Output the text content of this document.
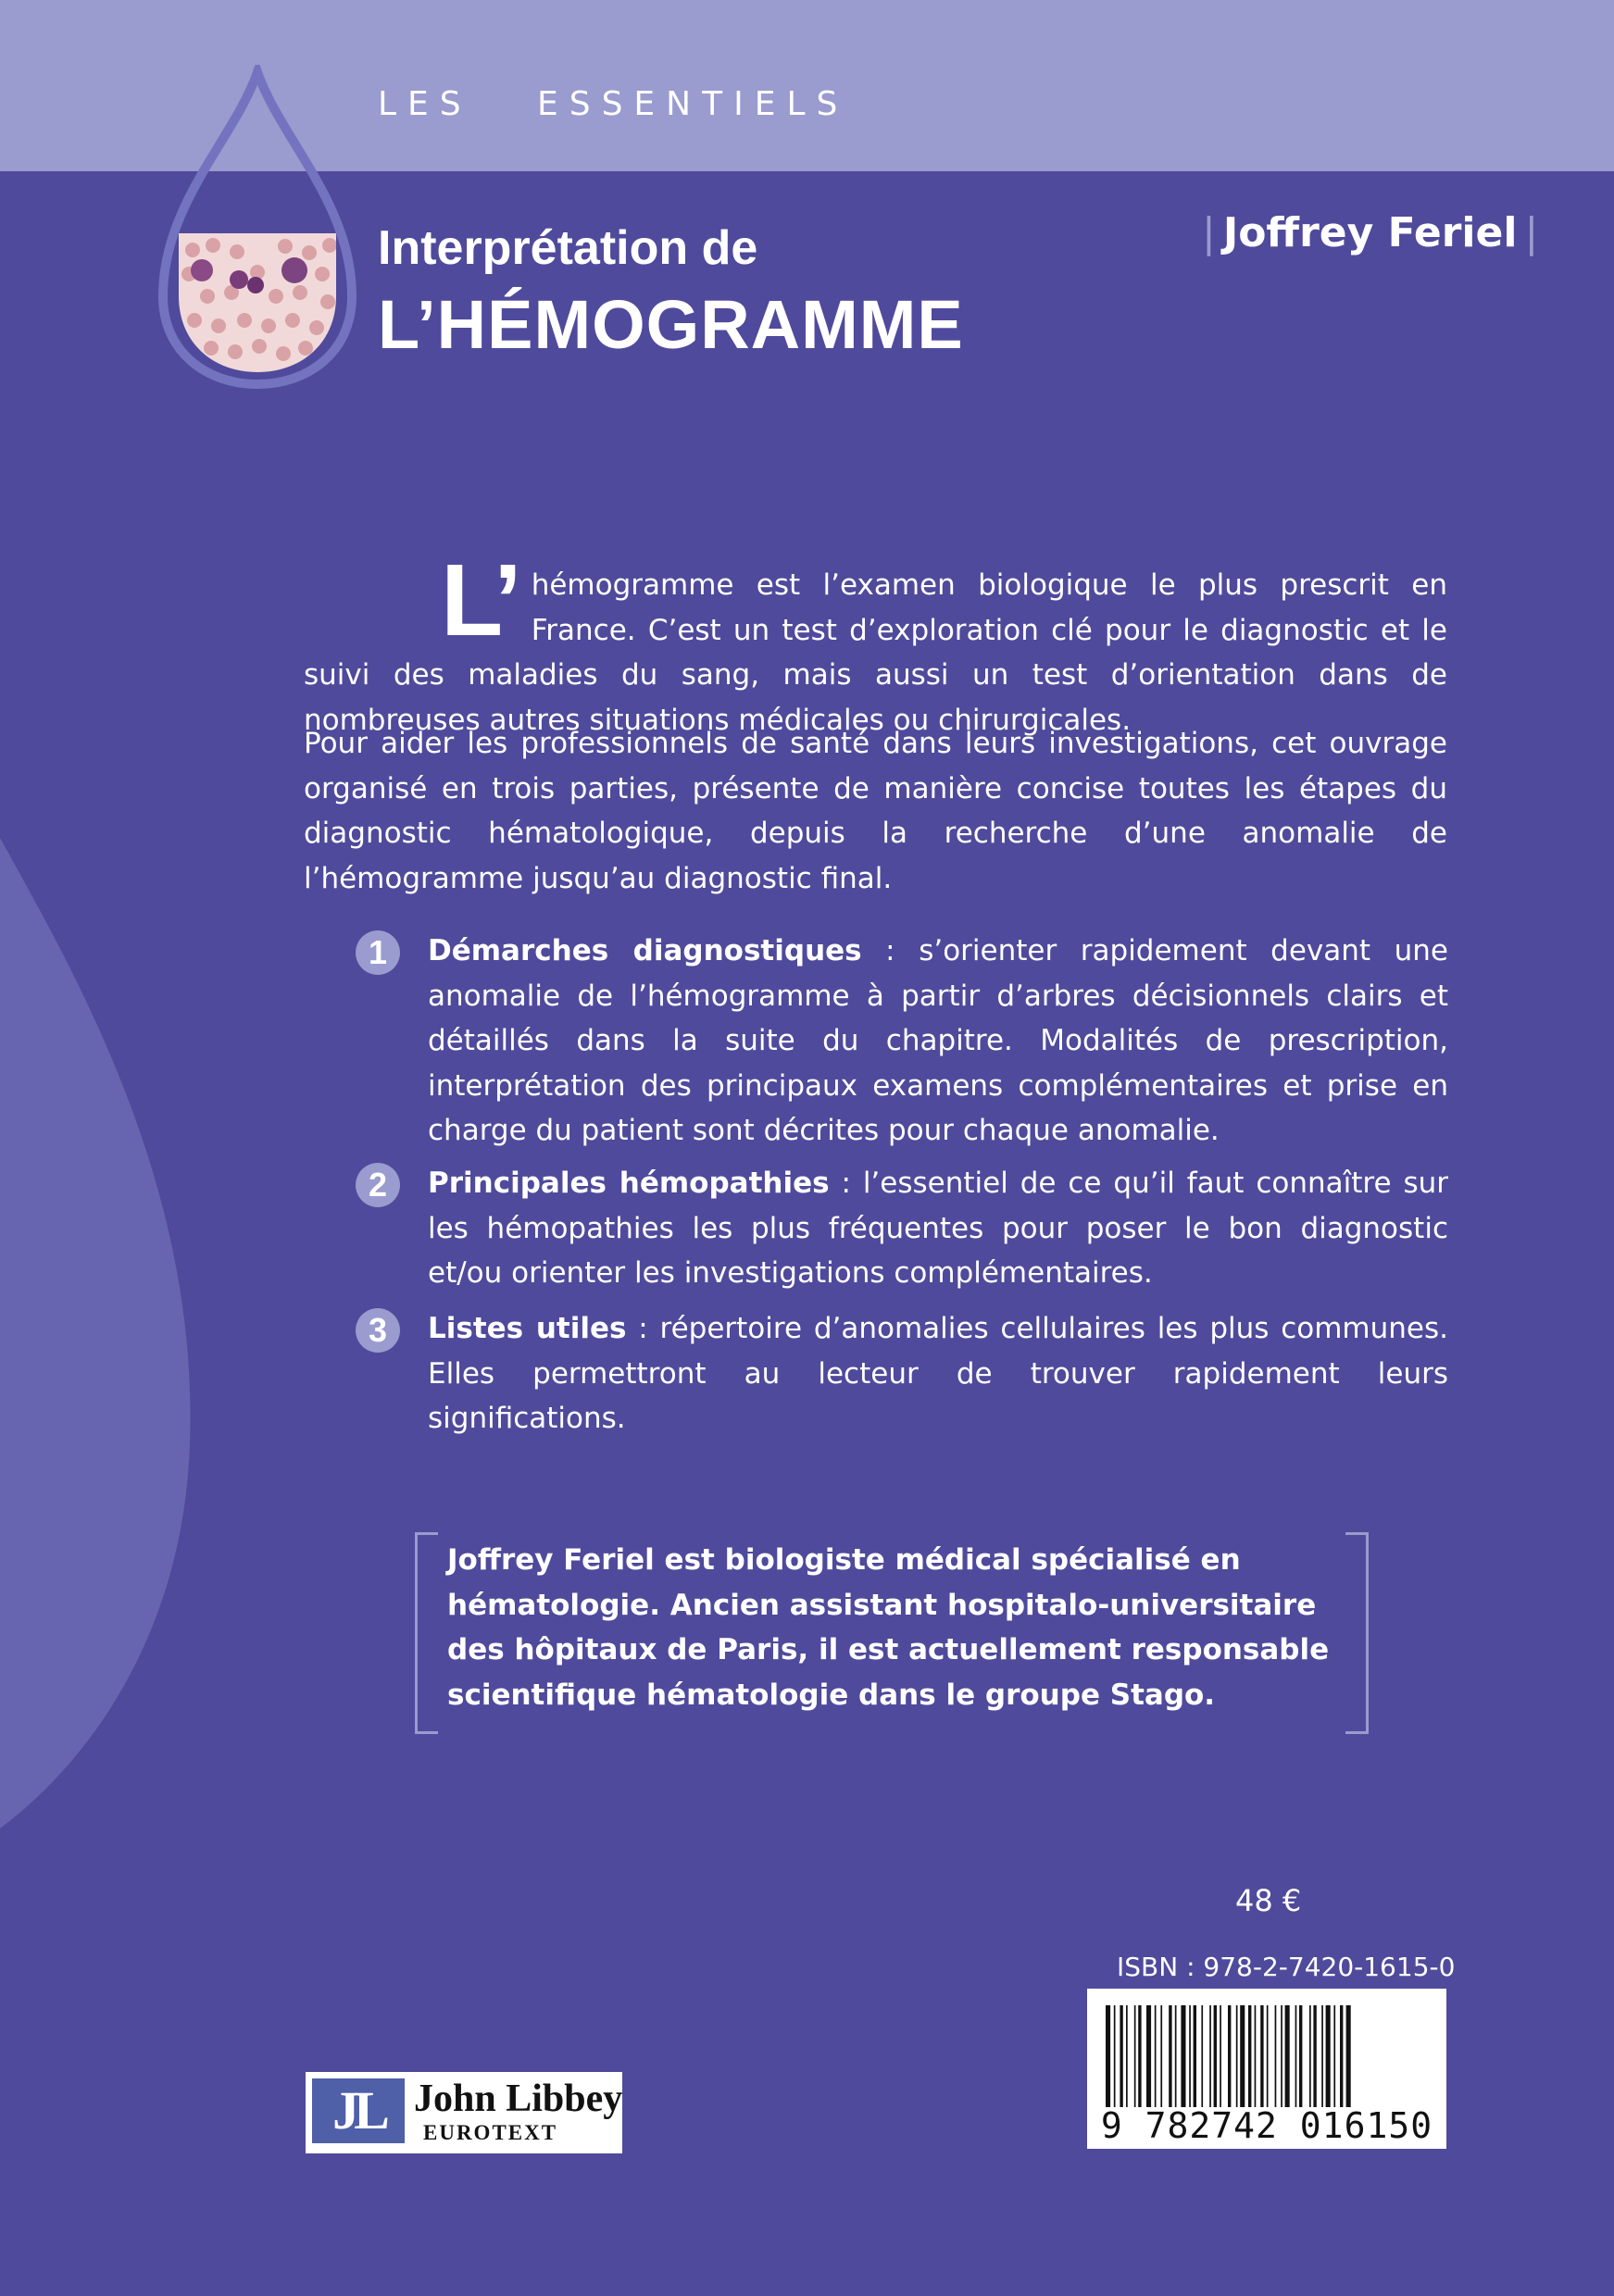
LES   ESSENTIELS
Interprétation de
L’HÉMOGRAMME
| Joffrey Feriel |
L’ hémogramme est l’examen biologique le plus prescrit en France. C’est un test d’exploration clé pour le diagnostic et le suivi des maladies du sang, mais aussi un test d’orientation dans de nombreuses autres situations médicales ou chirurgicales.
Pour aider les professionnels de santé dans leurs investigations, cet ouvrage organisé en trois parties, présente de manière concise toutes les étapes du diagnostic hématologique, depuis la recherche d’une anomalie de l’hémogramme jusqu’au diagnostic final.
1	Démarches diagnostiques : s’orienter rapidement devant une anomalie de l’hémogramme à partir d’arbres décisionnels clairs et détaillés dans la suite du chapitre. Modalités de prescription, interprétation des principaux examens complémentaires et prise en charge du patient sont décrites pour chaque anomalie.
2	Principales hémopathies : l’essentiel de ce qu’il faut connaître sur les hémopathies les plus fréquentes pour poser le bon diagnostic et/ou orienter les investigations complémentaires.
3	Listes utiles : répertoire d’anomalies cellulaires les plus communes. Elles permettront au lecteur de trouver rapidement leurs significations.
Joffrey Feriel est biologiste médical spécialisé en hématologie. Ancien assistant hospitalo-universitaire des hôpitaux de Paris, il est actuellement responsable scientifique hématologie dans le groupe Stago.
48 €
ISBN : 978-2-7420-1615-0
9 782742 016150
JL John Libbey
EUROTEXT
